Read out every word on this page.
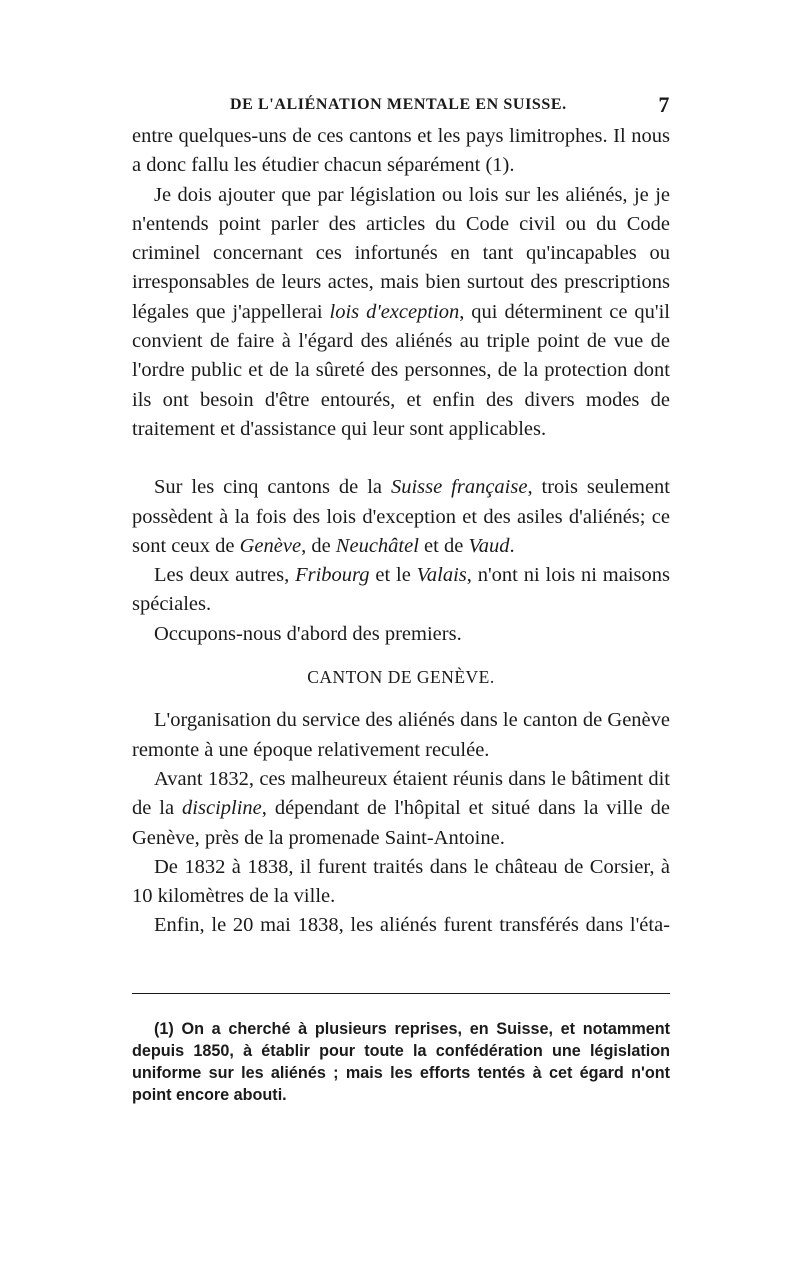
DE L'ALIÉNATION MENTALE EN SUISSE.	7

entre quelques-uns de ces cantons et les pays limitrophes. Il nous a donc fallu les étudier chacun séparément (1).

Je dois ajouter que par législation ou lois sur les aliénés, je je n'entends point parler des articles du Code civil ou du Code criminel concernant ces infortunés en tant qu'incapables ou irresponsables de leurs actes, mais bien surtout des prescriptions légales que j'appellerai lois d'exception, qui déterminent ce qu'il convient de faire à l'égard des aliénés au triple point de vue de l'ordre public et de la sûreté des personnes, de la protection dont ils ont besoin d'être entourés, et enfin des divers modes de traitement et d'assistance qui leur sont applicables.

Sur les cinq cantons de la Suisse française, trois seulement possèdent à la fois des lois d'exception et des asiles d'aliénés; ce sont ceux de Genève, de Neuchâtel et de Vaud.

Les deux autres, Fribourg et le Valais, n'ont ni lois ni maisons spéciales.

Occupons-nous d'abord des premiers.

CANTON DE GENÈVE.

L'organisation du service des aliénés dans le canton de Genève remonte à une époque relativement reculée.

Avant 1832, ces malheureux étaient réunis dans le bâtiment dit de la discipline, dépendant de l'hôpital et situé dans la ville de Genève, près de la promenade Saint-Antoine.

De 1832 à 1838, il furent traités dans le château de Corsier, à 10 kilomètres de la ville.

Enfin, le 20 mai 1838, les aliénés furent transférés dans l'éta-

(1) On a cherché à plusieurs reprises, en Suisse, et notamment depuis 1850, à établir pour toute la confédération une législation uniforme sur les aliénés ; mais les efforts tentés à cet égard n'ont point encore abouti.
